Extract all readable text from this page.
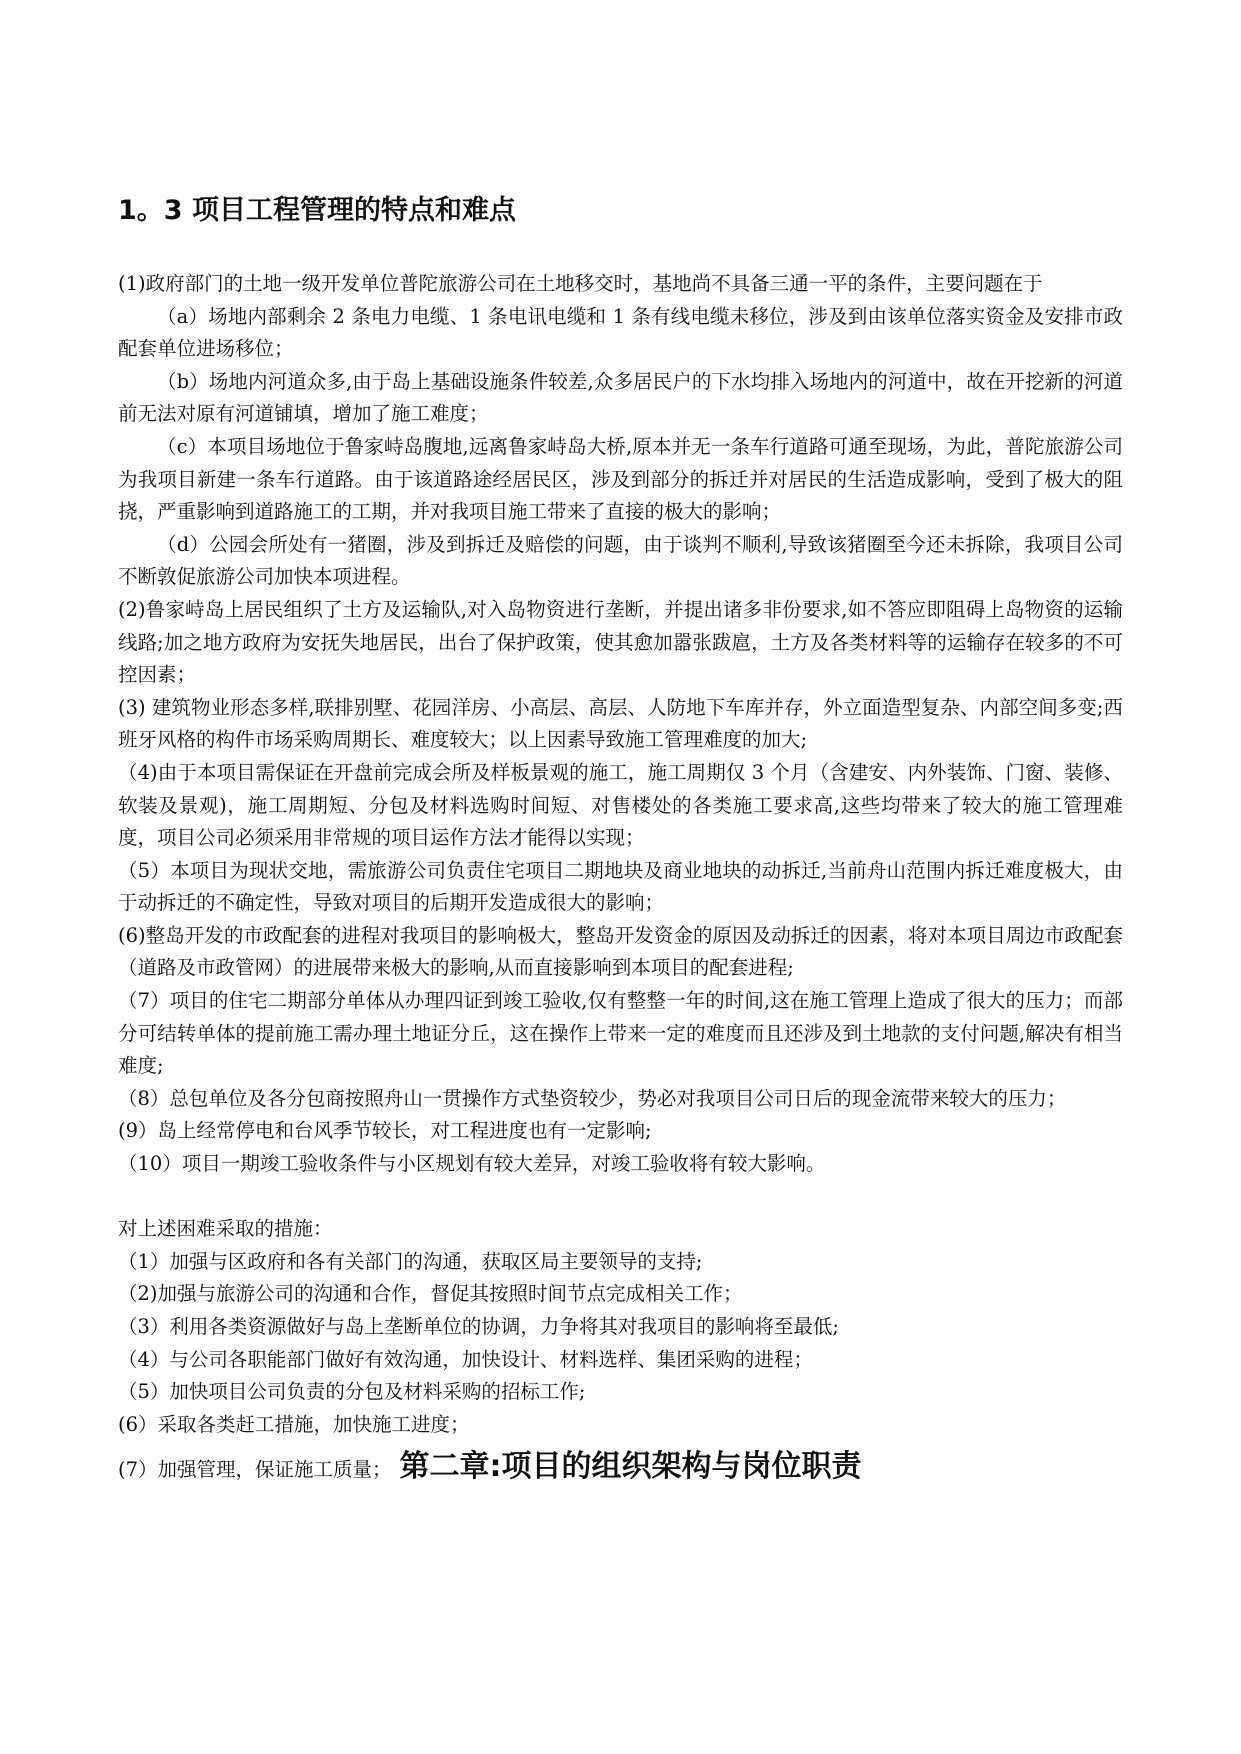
1。3 项目工程管理的特点和难点

(1)政府部门的土地一级开发单位普陀旅游公司在土地移交时，基地尚不具备三通一平的条件，主要问题在于

（a）场地内部剩余 2 条电力电缆、1 条电讯电缆和 1 条有线电缆未移位，涉及到由该单位落实资金及安排市政配套单位进场移位；

（b）场地内河道众多,由于岛上基础设施条件较差,众多居民户的下水均排入场地内的河道中，故在开挖新的河道前无法对原有河道铺填，增加了施工难度；

（c）本项目场地位于鲁家峙岛腹地,远离鲁家峙岛大桥,原本并无一条车行道路可通至现场，为此，普陀旅游公司为我项目新建一条车行道路。由于该道路途经居民区，涉及到部分的拆迁并对居民的生活造成影响，受到了极大的阻挠，严重影响到道路施工的工期，并对我项目施工带来了直接的极大的影响；

（d）公园会所处有一猪圈，涉及到拆迁及赔偿的问题，由于谈判不顺利,导致该猪圈至今还未拆除，我项目公司不断敦促旅游公司加快本项进程。

(2)鲁家峙岛上居民组织了土方及运输队,对入岛物资进行垄断，并提出诸多非份要求,如不答应即阻碍上岛物资的运输线路;加之地方政府为安抚失地居民，出台了保护政策，使其愈加嚣张跋扈，土方及各类材料等的运输存在较多的不可控因素；

(3) 建筑物业形态多样,联排别墅、花园洋房、小高层、高层、人防地下车库并存，外立面造型复杂、内部空间多变;西班牙风格的构件市场采购周期长、难度较大；以上因素导致施工管理难度的加大;

（4)由于本项目需保证在开盘前完成会所及样板景观的施工，施工周期仅 3 个月（含建安、内外装饰、门窗、装修、软装及景观)，施工周期短、分包及材料选购时间短、对售楼处的各类施工要求高,这些均带来了较大的施工管理难度，项目公司必须采用非常规的项目运作方法才能得以实现；

（5）本项目为现状交地，需旅游公司负责住宅项目二期地块及商业地块的动拆迁,当前舟山范围内拆迁难度极大，由于动拆迁的不确定性，导致对项目的后期开发造成很大的影响；

(6)整岛开发的市政配套的进程对我项目的影响极大，整岛开发资金的原因及动拆迁的因素，将对本项目周边市政配套（道路及市政管网）的进展带来极大的影响,从而直接影响到本项目的配套进程;

（7）项目的住宅二期部分单体从办理四证到竣工验收,仅有整整一年的时间,这在施工管理上造成了很大的压力；而部分可结转单体的提前施工需办理土地证分丘，这在操作上带来一定的难度而且还涉及到土地款的支付问题,解决有相当难度;

（8）总包单位及各分包商按照舟山一贯操作方式垫资较少，势必对我项目公司日后的现金流带来较大的压力；

(9）岛上经常停电和台风季节较长，对工程进度也有一定影响;

（10）项目一期竣工验收条件与小区规划有较大差异，对竣工验收将有较大影响。

对上述困难采取的措施：

（1）加强与区政府和各有关部门的沟通，获取区局主要领导的支持;

（2)加强与旅游公司的沟通和合作，督促其按照时间节点完成相关工作；

（3）利用各类资源做好与岛上垄断单位的协调，力争将其对我项目的影响将至最低;

（4）与公司各职能部门做好有效沟通，加快设计、材料选样、集团采购的进程；

（5）加快项目公司负责的分包及材料采购的招标工作;

(6）采取各类赶工措施，加快施工进度；

(7）加强管理，保证施工质量； 第二章:项目的组织架构与岗位职责
